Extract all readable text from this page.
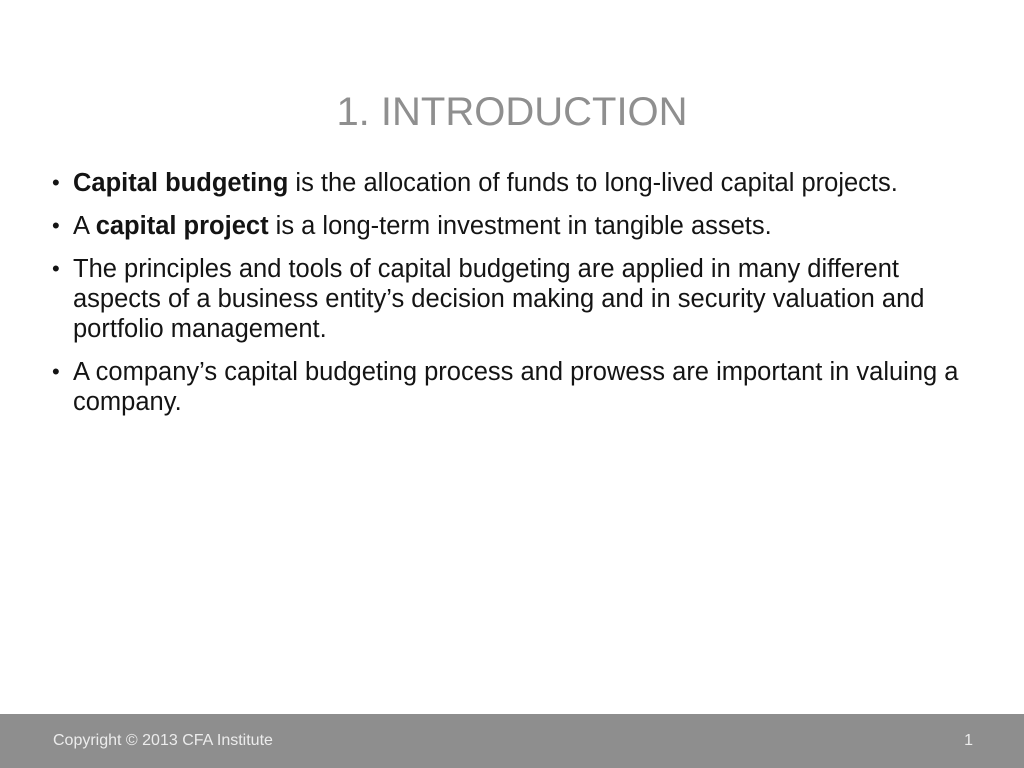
1. INTRODUCTION
• Capital budgeting is the allocation of funds to long-lived capital projects.
• A capital project is a long-term investment in tangible assets.
• The principles and tools of capital budgeting are applied in many different aspects of a business entity’s decision making and in security valuation and portfolio management.
• A company’s capital budgeting process and prowess are important in valuing a company.
Copyright © 2013 CFA Institute	1
